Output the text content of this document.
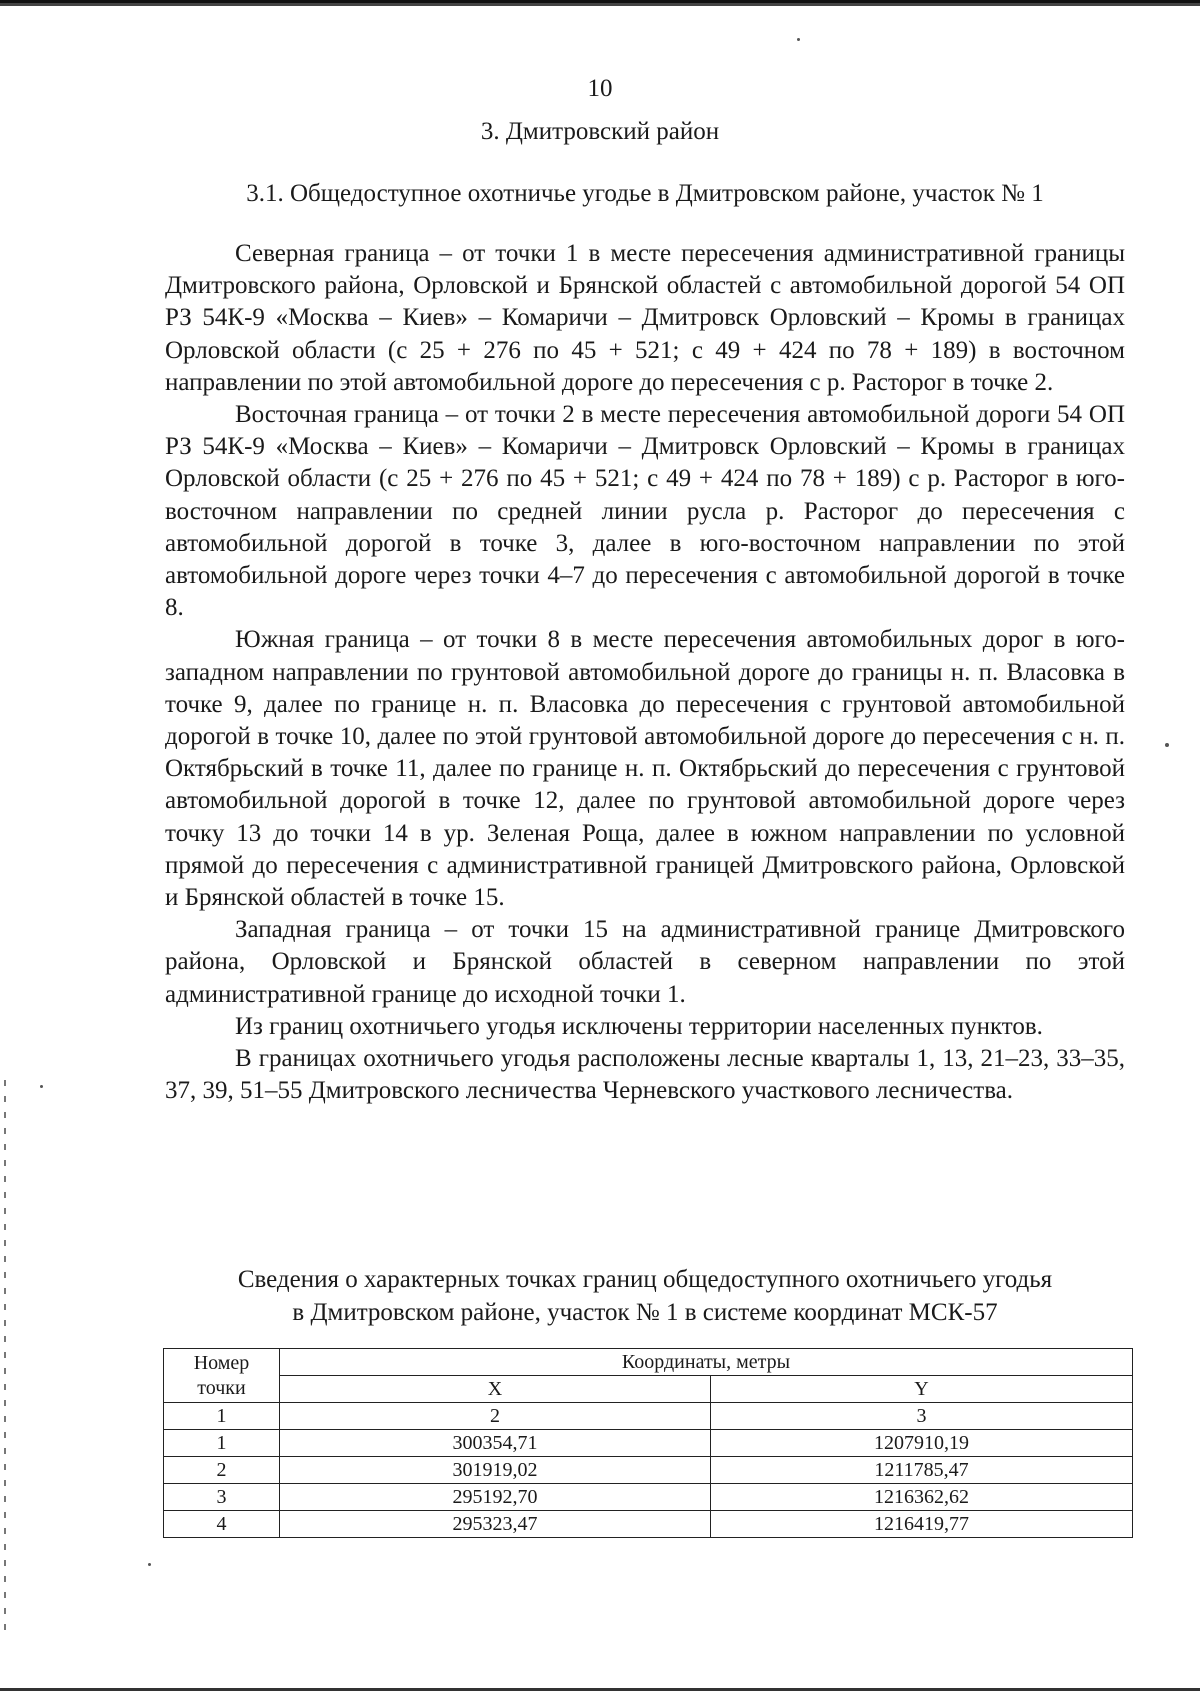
10
3. Дмитровский район
3.1. Общедоступное охотничье угодье в Дмитровском районе, участок № 1

Северная граница – от точки 1 в месте пересечения административной границы Дмитровского района, Орловской и Брянской областей с автомобильной дорогой 54 ОП РЗ 54К-9 «Москва – Киев» – Комаричи – Дмитровск Орловский – Кромы в границах Орловской области (с 25 + 276 по 45 + 521; с 49 + 424 по 78 + 189) в восточном направлении по этой автомобильной дороге до пересечения с р. Расторог в точке 2.

Восточная граница – от точки 2 в месте пересечения автомобильной дороги 54 ОП РЗ 54К-9 «Москва – Киев» – Комаричи – Дмитровск Орловский – Кромы в границах Орловской области (с 25 + 276 по 45 + 521; с 49 + 424 по 78 + 189) с р. Расторог в юго-восточном направлении по средней линии русла р. Расторог до пересечения с автомобильной дорогой в точке 3, далее в юго-восточном направлении по этой автомобильной дороге через точки 4–7 до пересечения с автомобильной дорогой в точке 8.

Южная граница – от точки 8 в месте пересечения автомобильных дорог в юго-западном направлении по грунтовой автомобильной дороге до границы н. п. Власовка в точке 9, далее по границе н. п. Власовка до пересечения с грунтовой автомобильной дорогой в точке 10, далее по этой грунтовой автомобильной дороге до пересечения с н. п. Октябрьский в точке 11, далее по границе н. п. Октябрьский до пересечения с грунтовой автомобильной дорогой в точке 12, далее по грунтовой автомобильной дороге через точку 13 до точки 14 в ур. Зеленая Роща, далее в южном направлении по условной прямой до пересечения с административной границей Дмитровского района, Орловской и Брянской областей в точке 15.

Западная граница – от точки 15 на административной границе Дмитровского района, Орловской и Брянской областей в северном направлении по этой административной границе до исходной точки 1.

Из границ охотничьего угодья исключены территории населенных пунктов.

В границах охотничьего угодья расположены лесные кварталы 1, 13, 21–23, 33–35, 37, 39, 51–55 Дмитровского лесничества Черневского участкового лесничества.

Сведения о характерных точках границ общедоступного охотничьего угодья
в Дмитровском районе, участок № 1 в системе координат МСК-57
Номер
точки	Координаты, метры	
	X	Y
1	2	3
1	300354,71	1207910,19
2	301919,02	1211785,47
3	295192,70	1216362,62
4	295323,47	1216419,77
